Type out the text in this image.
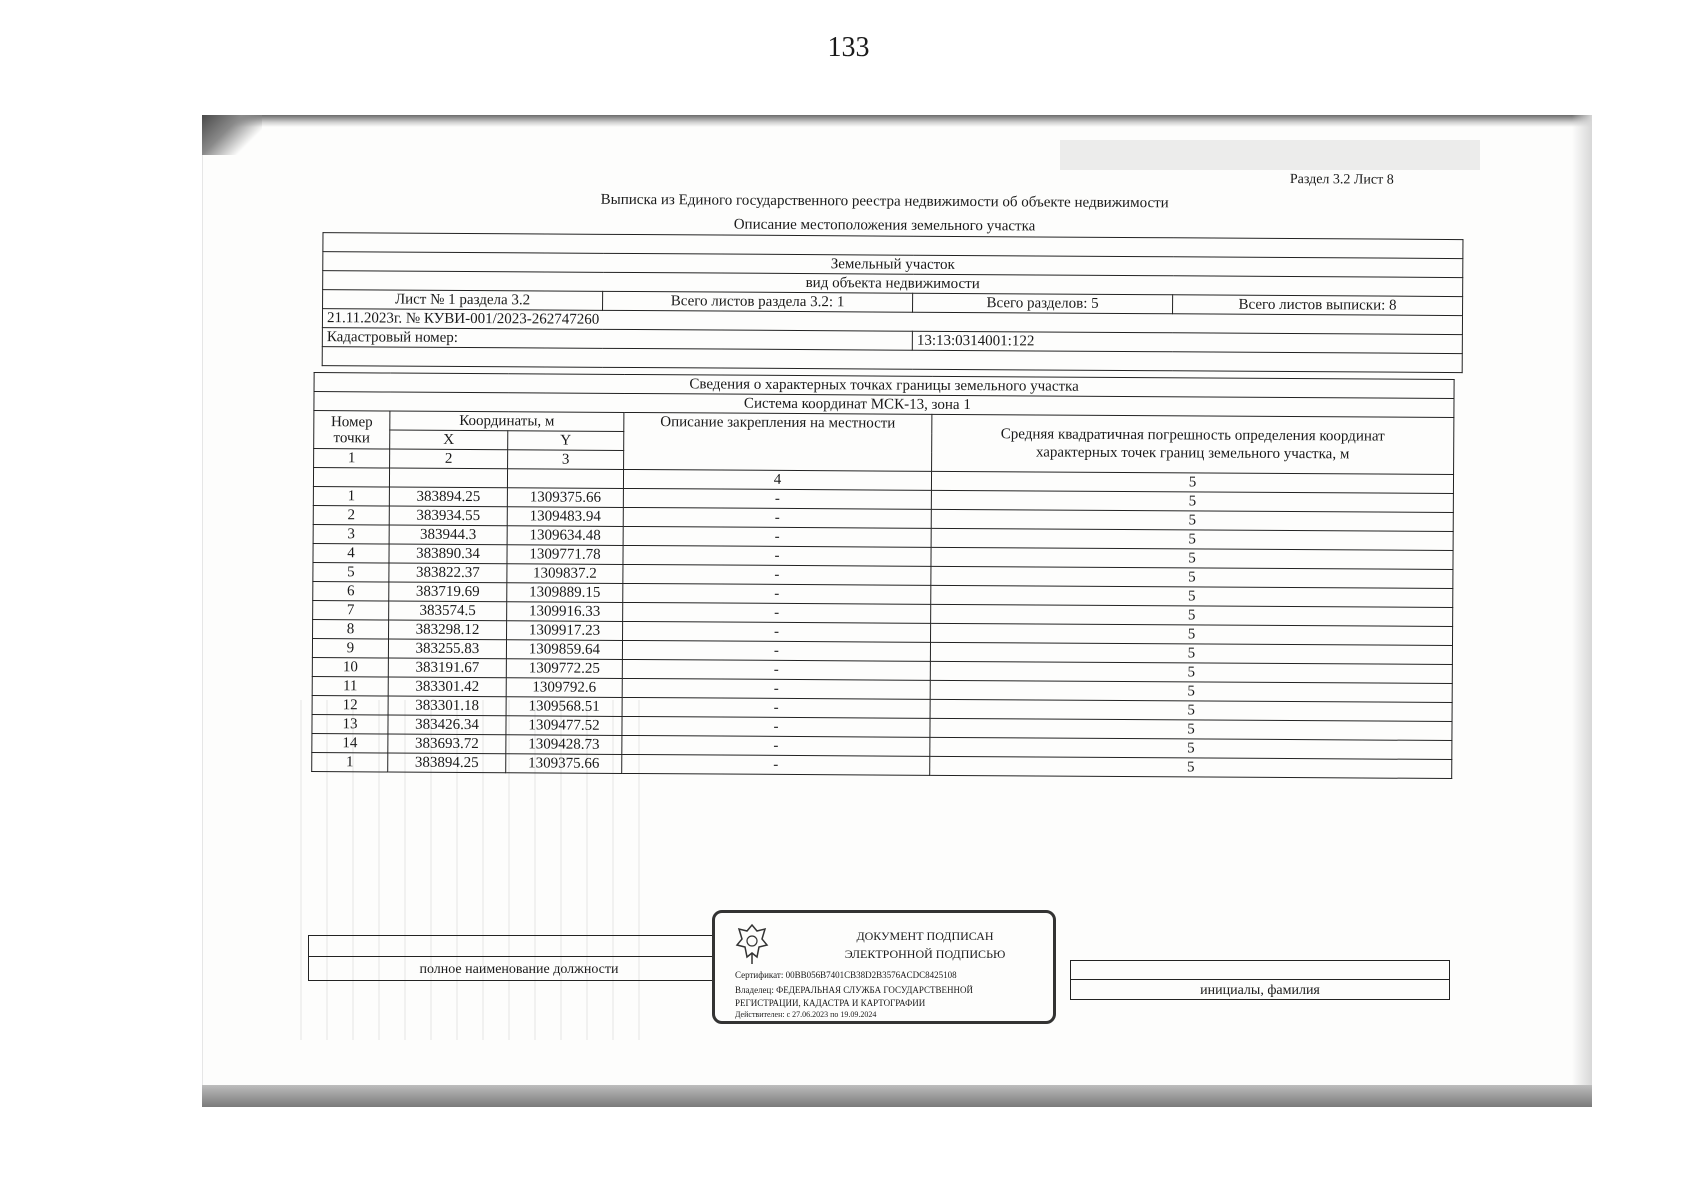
133
Раздел 3.2 Лист 8
Выписка из Единого государственного реестра недвижимости об объекте недвижимости
Описание местоположения земельного участка

Земельный участок			
вид объекта недвижимости			
Лист № 1 раздела 3.2	Всего листов раздела 3.2: 1	Всего разделов: 5	Всего листов выписки: 8
21.11.2023г. № КУВИ-001/2023-262747260			
Кадастровый номер:		13:13:0314001:122	

Сведения о характерных точках границы земельного участка				
			Система координат МСК-13, зона 1	
Номер точки	Координаты, м		Описание закрепления на местности	Средняя квадратичная погрешность определения координат характерных точек границ земельного участка, м
	X	Y		
1	2	3		
			4	5
1	383894.25	1309375.66	-	5
2	383934.55	1309483.94	-	5
3	383944.3	1309634.48	-	5
4	383890.34	1309771.78	-	5
5	383822.37	1309837.2	-	5
6	383719.69	1309889.15	-	5
7	383574.5	1309916.33	-	5
8	383298.12	1309917.23	-	5
9	383255.83	1309859.64	-	5
10	383191.67	1309772.25	-	5
11	383301.42	1309792.6	-	5
12	383301.18	1309568.51	-	5
13	383426.34	1309477.52	-	5
14	383693.72	1309428.73	-	5
1	383894.25	1309375.66	-	5
полное наименование должности
инициалы, фамилия
ДОКУМЕНТ ПОДПИСАН
ЭЛЕКТРОННОЙ ПОДПИСЬЮ
Сертификат: 00BB056B7401CB38D2B3576ACDC8425108
Владелец: ФЕДЕРАЛЬНАЯ СЛУЖБА ГОСУДАРСТВЕННОЙ
РЕГИСТРАЦИИ, КАДАСТРА И КАРТОГРАФИИ
Действителен: с 27.06.2023 по 19.09.2024
